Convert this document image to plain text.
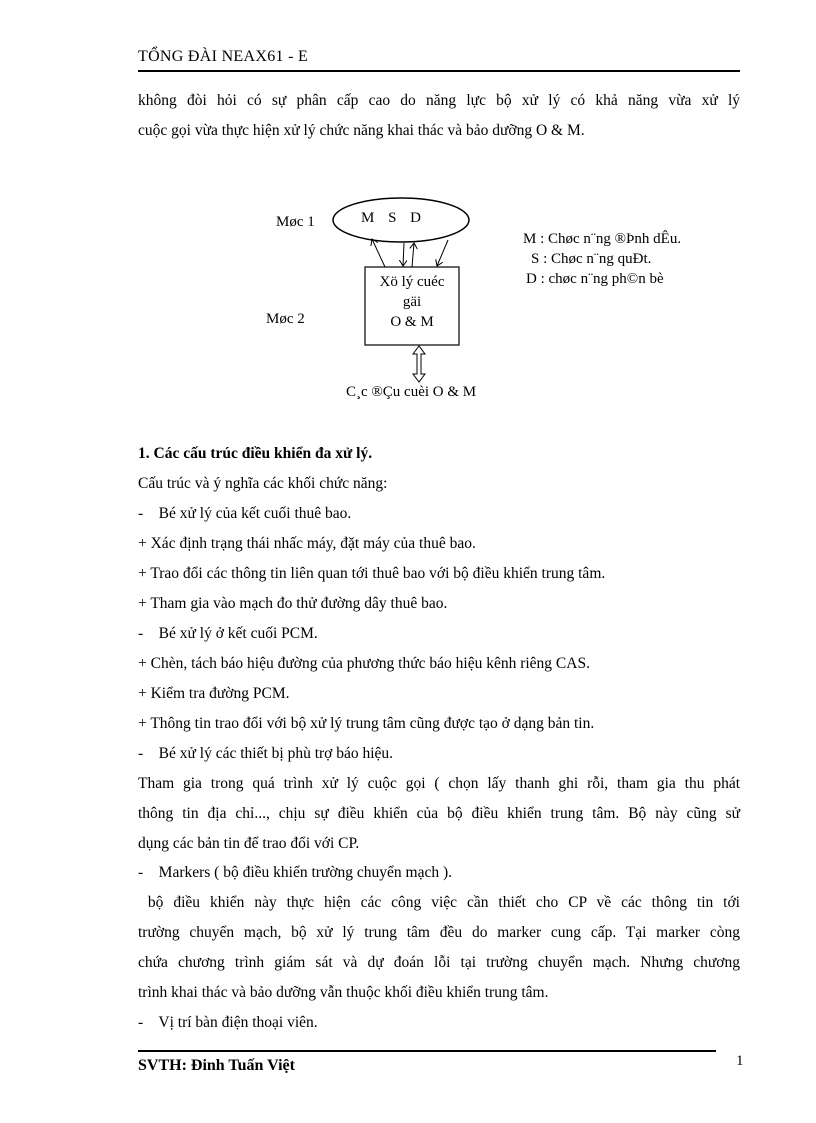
TỔNG ĐÀI NEAX61 - E
không đòi hỏi có sự phân cấp cao do năng lực bộ xử lý có khả năng vừa xử lý
cuộc gọi vừa thực hiện xử lý chức năng khai thác và bảo dưỡng O & M.
Møc 1
Møc 2
M S D
Xö lý cuéc
gäi
O & M
C¸c ®Çu cuèi O & M
M : Chøc n¨ng ®Þnh dÊu.
S : Chøc n¨ng quÐt.
D : chøc n¨ng ph©n bè
1. Các cấu trúc điều khiển đa xử lý.
Cấu trúc và ý nghĩa các khối chức năng:
-    Bé xử lý của kết cuối thuê bao.
+ Xác định trạng thái nhấc máy, đặt máy của thuê bao.
+ Trao đổi các thông tin liên quan tới thuê bao với bộ điều khiển trung tâm.
+ Tham gia vào mạch đo thử đường dây thuê bao.
-    Bé xử lý ở kết cuối PCM.
+ Chèn, tách báo hiệu đường của phương thức báo hiệu kênh riêng CAS.
+ Kiểm tra đường PCM.
+ Thông tin trao đổi với bộ xử lý trung tâm cũng được tạo ở dạng bản tin.
-    Bé xử lý các thiết bị phù trợ báo hiệu.
Tham gia trong quá trình xử lý cuộc gọi ( chọn lấy thanh ghi rỗi, tham gia thu phát
thông tin địa chỉ..., chịu sự điều khiển của bộ điều khiển trung tâm. Bộ này cũng sử
dụng các bản tin để trao đổi với CP.
-    Markers ( bộ điều khiển trường chuyển mạch ).
bộ điều khiển này thực hiện các công việc cần thiết cho CP về các thông tin tới
trường chuyển mạch, bộ xử lý trung tâm đều do marker cung cấp. Tại marker còng
chứa chương trình giám sát và dự đoán lỗi tại trường chuyển mạch. Nhưng chương
trình khai thác và bảo dưỡng vẫn thuộc khối điều khiển trung tâm.
-    Vị trí bàn điện thoại viên.
SVTH: Đinh Tuấn Việt	1
